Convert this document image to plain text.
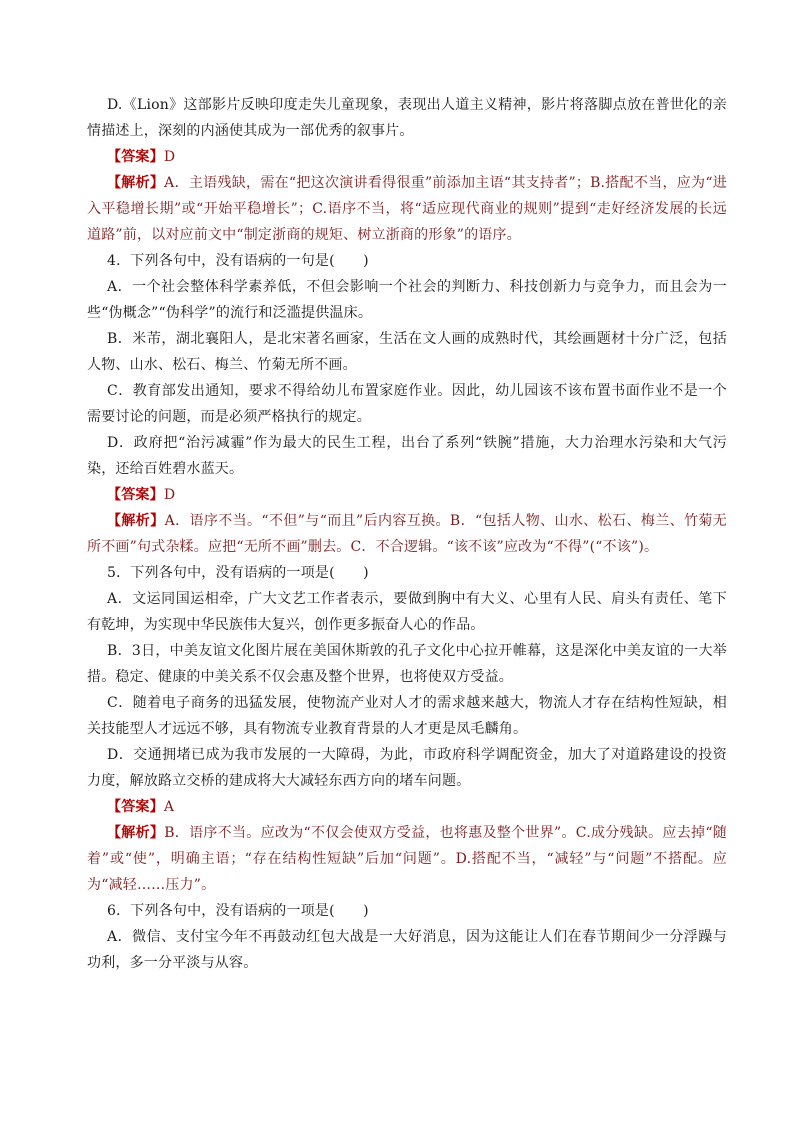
D.《Lion》这部影片反映印度走失儿童现象，表现出人道主义精神，影片将落脚点放在普世化的亲情描述上，深刻的内涵使其成为一部优秀的叙事片。

【答案】D

【解析】A．主语残缺，需在“把这次演讲看得很重”前添加主语“其支持者”；B.搭配不当，应为“进入平稳增长期”或“开始平稳增长”；C.语序不当，将“适应现代商业的规则”提到“走好经济发展的长远道路”前，以对应前文中“制定浙商的规矩、树立浙商的形象”的语序。

4．下列各句中，没有语病的一句是(　　)

A．一个社会整体科学素养低，不但会影响一个社会的判断力、科技创新力与竞争力，而且会为一些“伪概念”“伪科学”的流行和泛滥提供温床。

B．米芾，湖北襄阳人，是北宋著名画家，生活在文人画的成熟时代，其绘画题材十分广泛，包括人物、山水、松石、梅兰、竹菊无所不画。

C．教育部发出通知，要求不得给幼儿布置家庭作业。因此，幼儿园该不该布置书面作业不是一个需要讨论的问题，而是必须严格执行的规定。

D．政府把“治污减霾”作为最大的民生工程，出台了系列“铁腕”措施，大力治理水污染和大气污染，还给百姓碧水蓝天。

【答案】D

【解析】A．语序不当。“不但”与“而且”后内容互换。B．“包括人物、山水、松石、梅兰、竹菊无所不画”句式杂糅。应把“无所不画”删去。C．不合逻辑。“该不该”应改为“不得”(“不该”)。

5．下列各句中，没有语病的一项是(　　)

A．文运同国运相牵，广大文艺工作者表示，要做到胸中有大义、心里有人民、肩头有责任、笔下有乾坤，为实现中华民族伟大复兴，创作更多振奋人心的作品。

B．3日，中美友谊文化图片展在美国休斯敦的孔子文化中心拉开帷幕，这是深化中美友谊的一大举措。稳定、健康的中美关系不仅会惠及整个世界，也将使双方受益。

C．随着电子商务的迅猛发展，使物流产业对人才的需求越来越大，物流人才存在结构性短缺，相关技能型人才远远不够，具有物流专业教育背景的人才更是凤毛麟角。

D．交通拥堵已成为我市发展的一大障碍，为此，市政府科学调配资金，加大了对道路建设的投资力度，解放路立交桥的建成将大大减轻东西方向的堵车问题。

【答案】A

【解析】B．语序不当。应改为“不仅会使双方受益，也将惠及整个世界”。C.成分残缺。应去掉“随着”或“使”，明确主语；“存在结构性短缺”后加“问题”。D.搭配不当，“减轻”与“问题”不搭配。应为“减轻……压力”。

6．下列各句中，没有语病的一项是(　　)

A．微信、支付宝今年不再鼓动红包大战是一大好消息，因为这能让人们在春节期间少一分浮躁与功利，多一分平淡与从容。
